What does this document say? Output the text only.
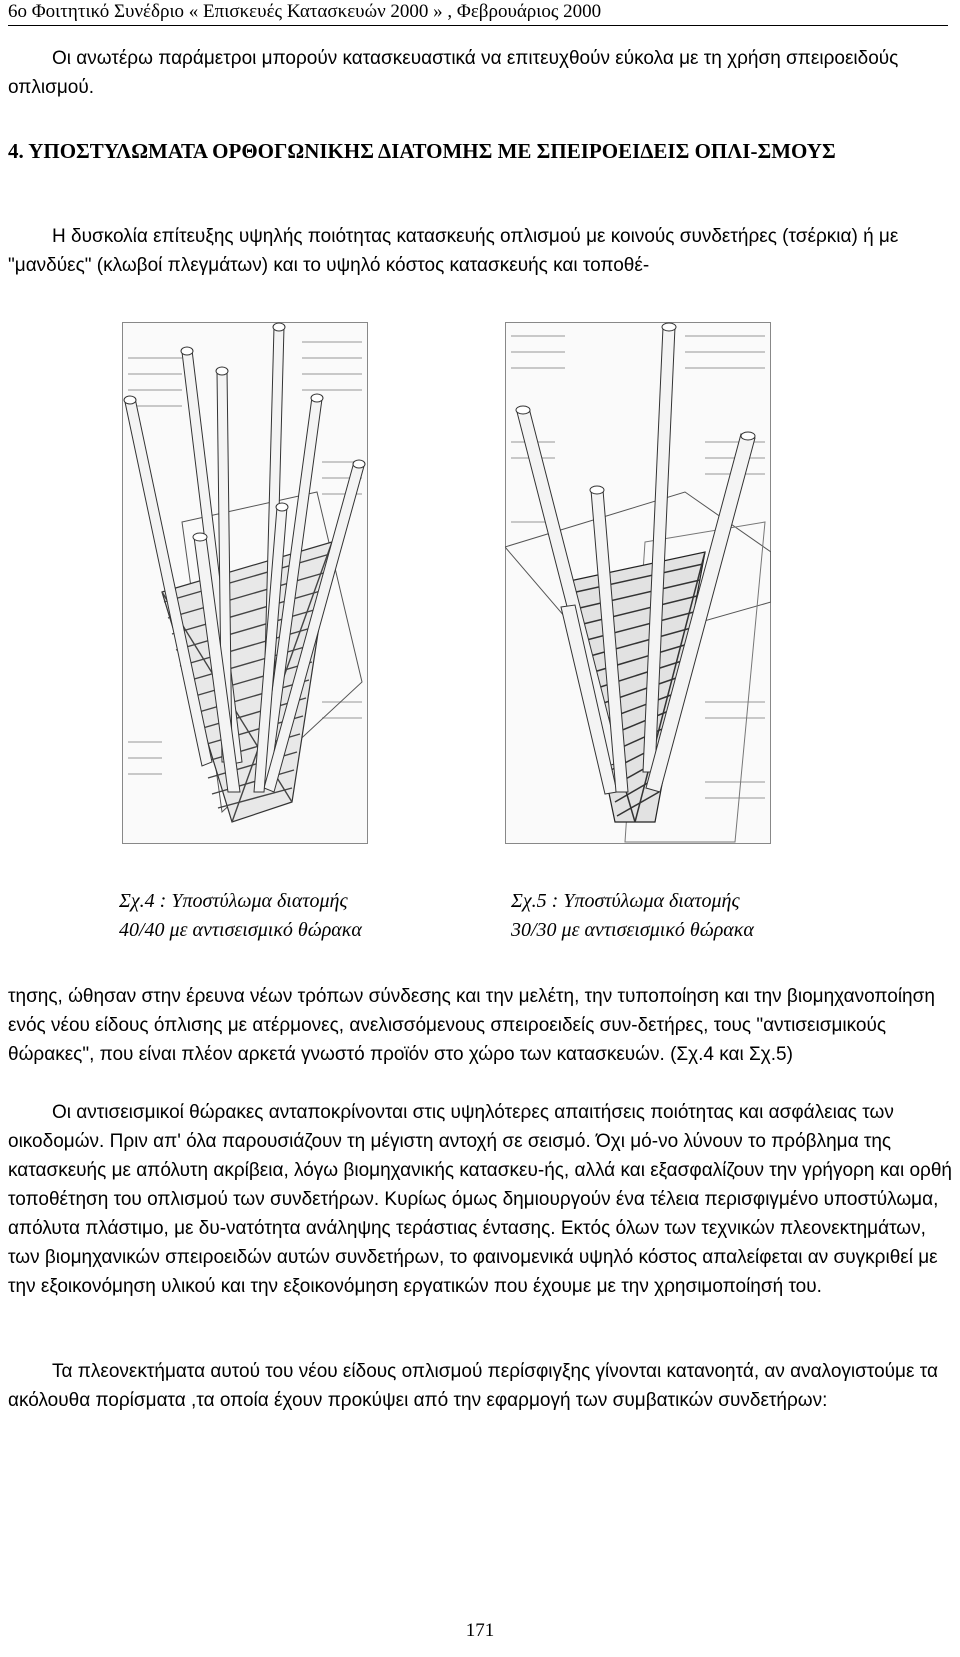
6ο Φοιτητικό Συνέδριο « Επισκευές Κατασκευών 2000 » , Φεβρουάριος 2000
Οι ανωτέρω παράμετροι μπορούν κατασκευαστικά να επιτευχθούν εύκολα με τη χρήση σπειροειδούς οπλισμού.
4. ΥΠΟΣΤΥΛΩΜΑΤΑ ΟΡΘΟΓΩΝΙΚΗΣ ΔΙΑΤΟΜΗΣ ΜΕ ΣΠΕΙΡΟΕΙΔΕΙΣ ΟΠΛΙ-ΣΜΟΥΣ
Η δυσκολία επίτευξης υψηλής ποιότητας κατασκευής οπλισμού με κοινούς συνδετήρες (τσέρκια) ή με "μανδύες" (κλωβοί πλεγμάτων) και το υψηλό κόστος κατασκευής και τοποθέ-
Σχ.4 : Υποστύλωμα διατομής
40/40 με αντισεισμικό θώρακα
Σχ.5 : Υποστύλωμα διατομής
30/30 με αντισεισμικό θώρακα
τησης, ώθησαν στην έρευνα νέων τρόπων σύνδεσης και την μελέτη, την τυποποίηση και την βιομηχανοποίηση ενός νέου είδους όπλισης με ατέρμονες, ανελισσόμενους σπειροειδείς συν-δετήρες, τους "αντισεισμικούς θώρακες", που είναι πλέον αρκετά γνωστό προϊόν στο χώρο των κατασκευών. (Σχ.4 και Σχ.5)
Οι αντισεισμικοί θώρακες ανταποκρίνονται στις υψηλότερες απαιτήσεις ποιότητας και ασφάλειας των οικοδομών. Πριν απ' όλα παρουσιάζουν τη μέγιστη αντοχή σε σεισμό. Όχι μό-νο λύνουν το πρόβλημα της κατασκευής με απόλυτη ακρίβεια, λόγω βιομηχανικής κατασκευ-ής, αλλά και εξασφαλίζουν την γρήγορη και ορθή τοποθέτηση του οπλισμού των συνδετήρων. Κυρίως όμως δημιουργούν ένα τέλεια περισφιγμένο υποστύλωμα, απόλυτα πλάστιμο, με δυ-νατότητα ανάληψης τεράστιας έντασης. Εκτός όλων των τεχνικών πλεονεκτημάτων, των βιομηχανικών σπειροειδών αυτών συνδετήρων, το φαινομενικά υψηλό κόστος απαλείφεται αν συγκριθεί με την εξοικονόμηση υλικού και την εξοικονόμηση εργατικών που έχουμε με την χρησιμοποίησή του.
Τα πλεονεκτήματα αυτού του νέου είδους οπλισμού περίσφιγξης γίνονται κατανοητά, αν αναλογιστούμε τα ακόλουθα πορίσματα ,τα οποία έχουν προκύψει από την εφαρμογή των συμβατικών συνδετήρων:
171
